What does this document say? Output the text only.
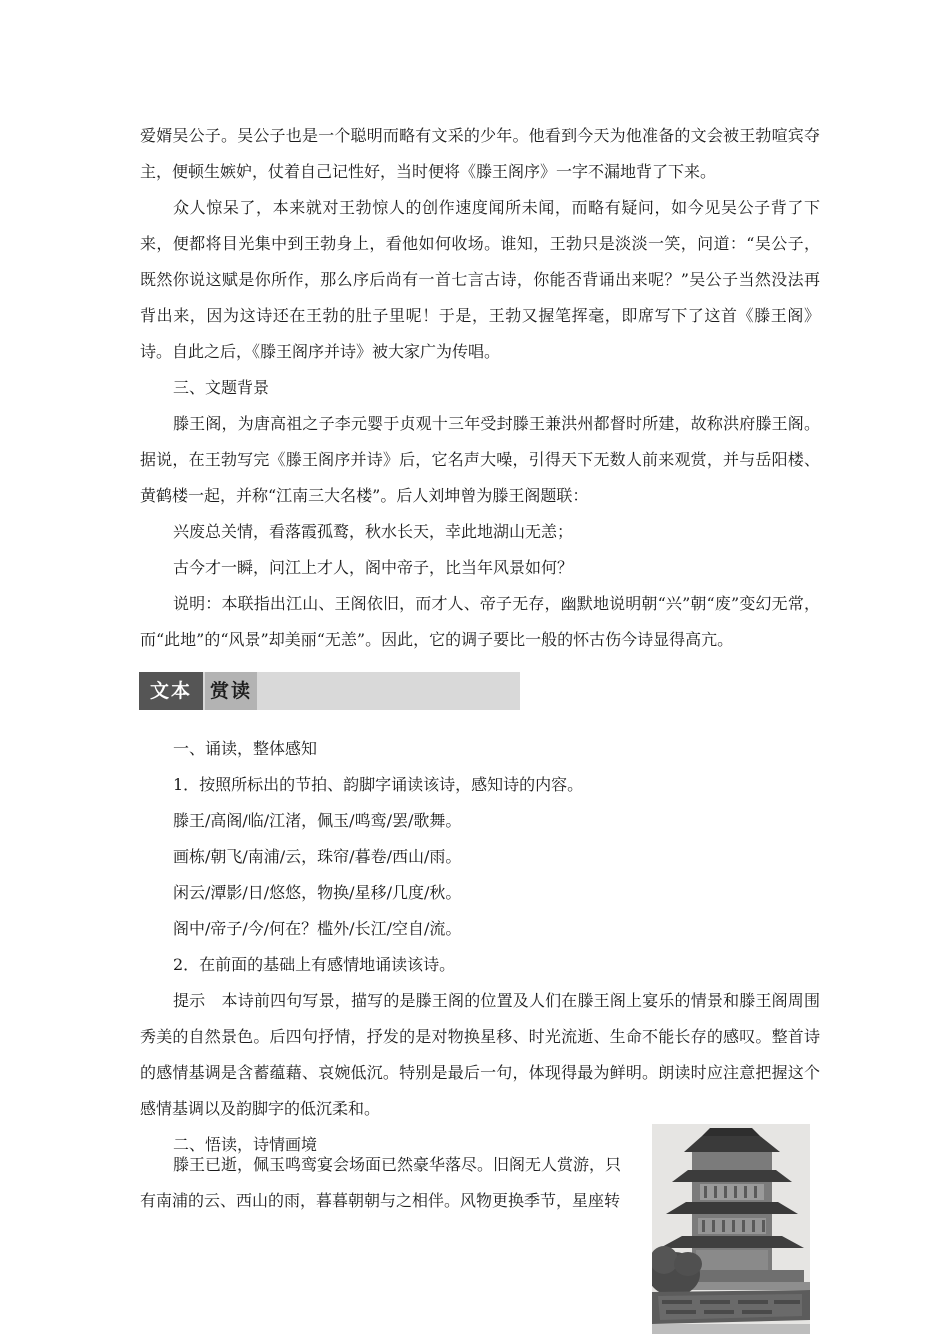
爱婿吴公子。吴公子也是一个聪明而略有文采的少年。他看到今天为他准备的文会被王勃喧宾夺主，便顿生嫉妒，仗着自己记性好，当时便将《滕王阁序》一字不漏地背了下来。

众人惊呆了，本来就对王勃惊人的创作速度闻所未闻，而略有疑问，如今见吴公子背了下来，便都将目光集中到王勃身上，看他如何收场。谁知，王勃只是淡淡一笑，问道：“吴公子，既然你说这赋是你所作，那么序后尚有一首七言古诗，你能否背诵出来呢？”吴公子当然没法再背出来，因为这诗还在王勃的肚子里呢！于是，王勃又握笔挥毫，即席写下了这首《滕王阁》诗。自此之后，《滕王阁序并诗》被大家广为传唱。

三、文题背景

滕王阁，为唐高祖之子李元婴于贞观十三年受封滕王兼洪州都督时所建，故称洪府滕王阁。据说，在王勃写完《滕王阁序并诗》后，它名声大噪，引得天下无数人前来观赏，并与岳阳楼、黄鹤楼一起，并称“江南三大名楼”。后人刘坤曾为滕王阁题联：

兴废总关情，看落霞孤鹜，秋水长天，幸此地湖山无恙；

古今才一瞬，问江上才人，阁中帝子，比当年风景如何？

说明：本联指出江山、王阁依旧，而才人、帝子无存，幽默地说明朝“兴”朝“废”变幻无常，而“此地”的“风景”却美丽“无恙”。因此，它的调子要比一般的怀古伤今诗显得高亢。

文本 赏读

一、诵读，整体感知

1．按照所标出的节拍、韵脚字诵读该诗，感知诗的内容。

滕王/高阁/临/江渚，佩玉/鸣鸾/罢/歌舞。
画栋/朝飞/南浦/云，珠帘/暮卷/西山/雨。
闲云/潭影/日/悠悠，物换/星移/几度/秋。
阁中/帝子/今/何在？槛外/长江/空自/流。

2．在前面的基础上有感情地诵读该诗。

提示　本诗前四句写景，描写的是滕王阁的位置及人们在滕王阁上宴乐的情景和滕王阁周围秀美的自然景色。后四句抒情，抒发的是对物换星移、时光流逝、生命不能长存的感叹。整首诗的感情基调是含蓄蕴藉、哀婉低沉。特别是最后一句，体现得最为鲜明。朗读时应注意把握这个感情基调以及韵脚字的低沉柔和。

二、悟读，诗情画境

滕王已逝，佩玉鸣鸾宴会场面已然豪华落尽。旧阁无人赏游，只
有南浦的云、西山的雨，暮暮朝朝与之相伴。风物更换季节，星座转
